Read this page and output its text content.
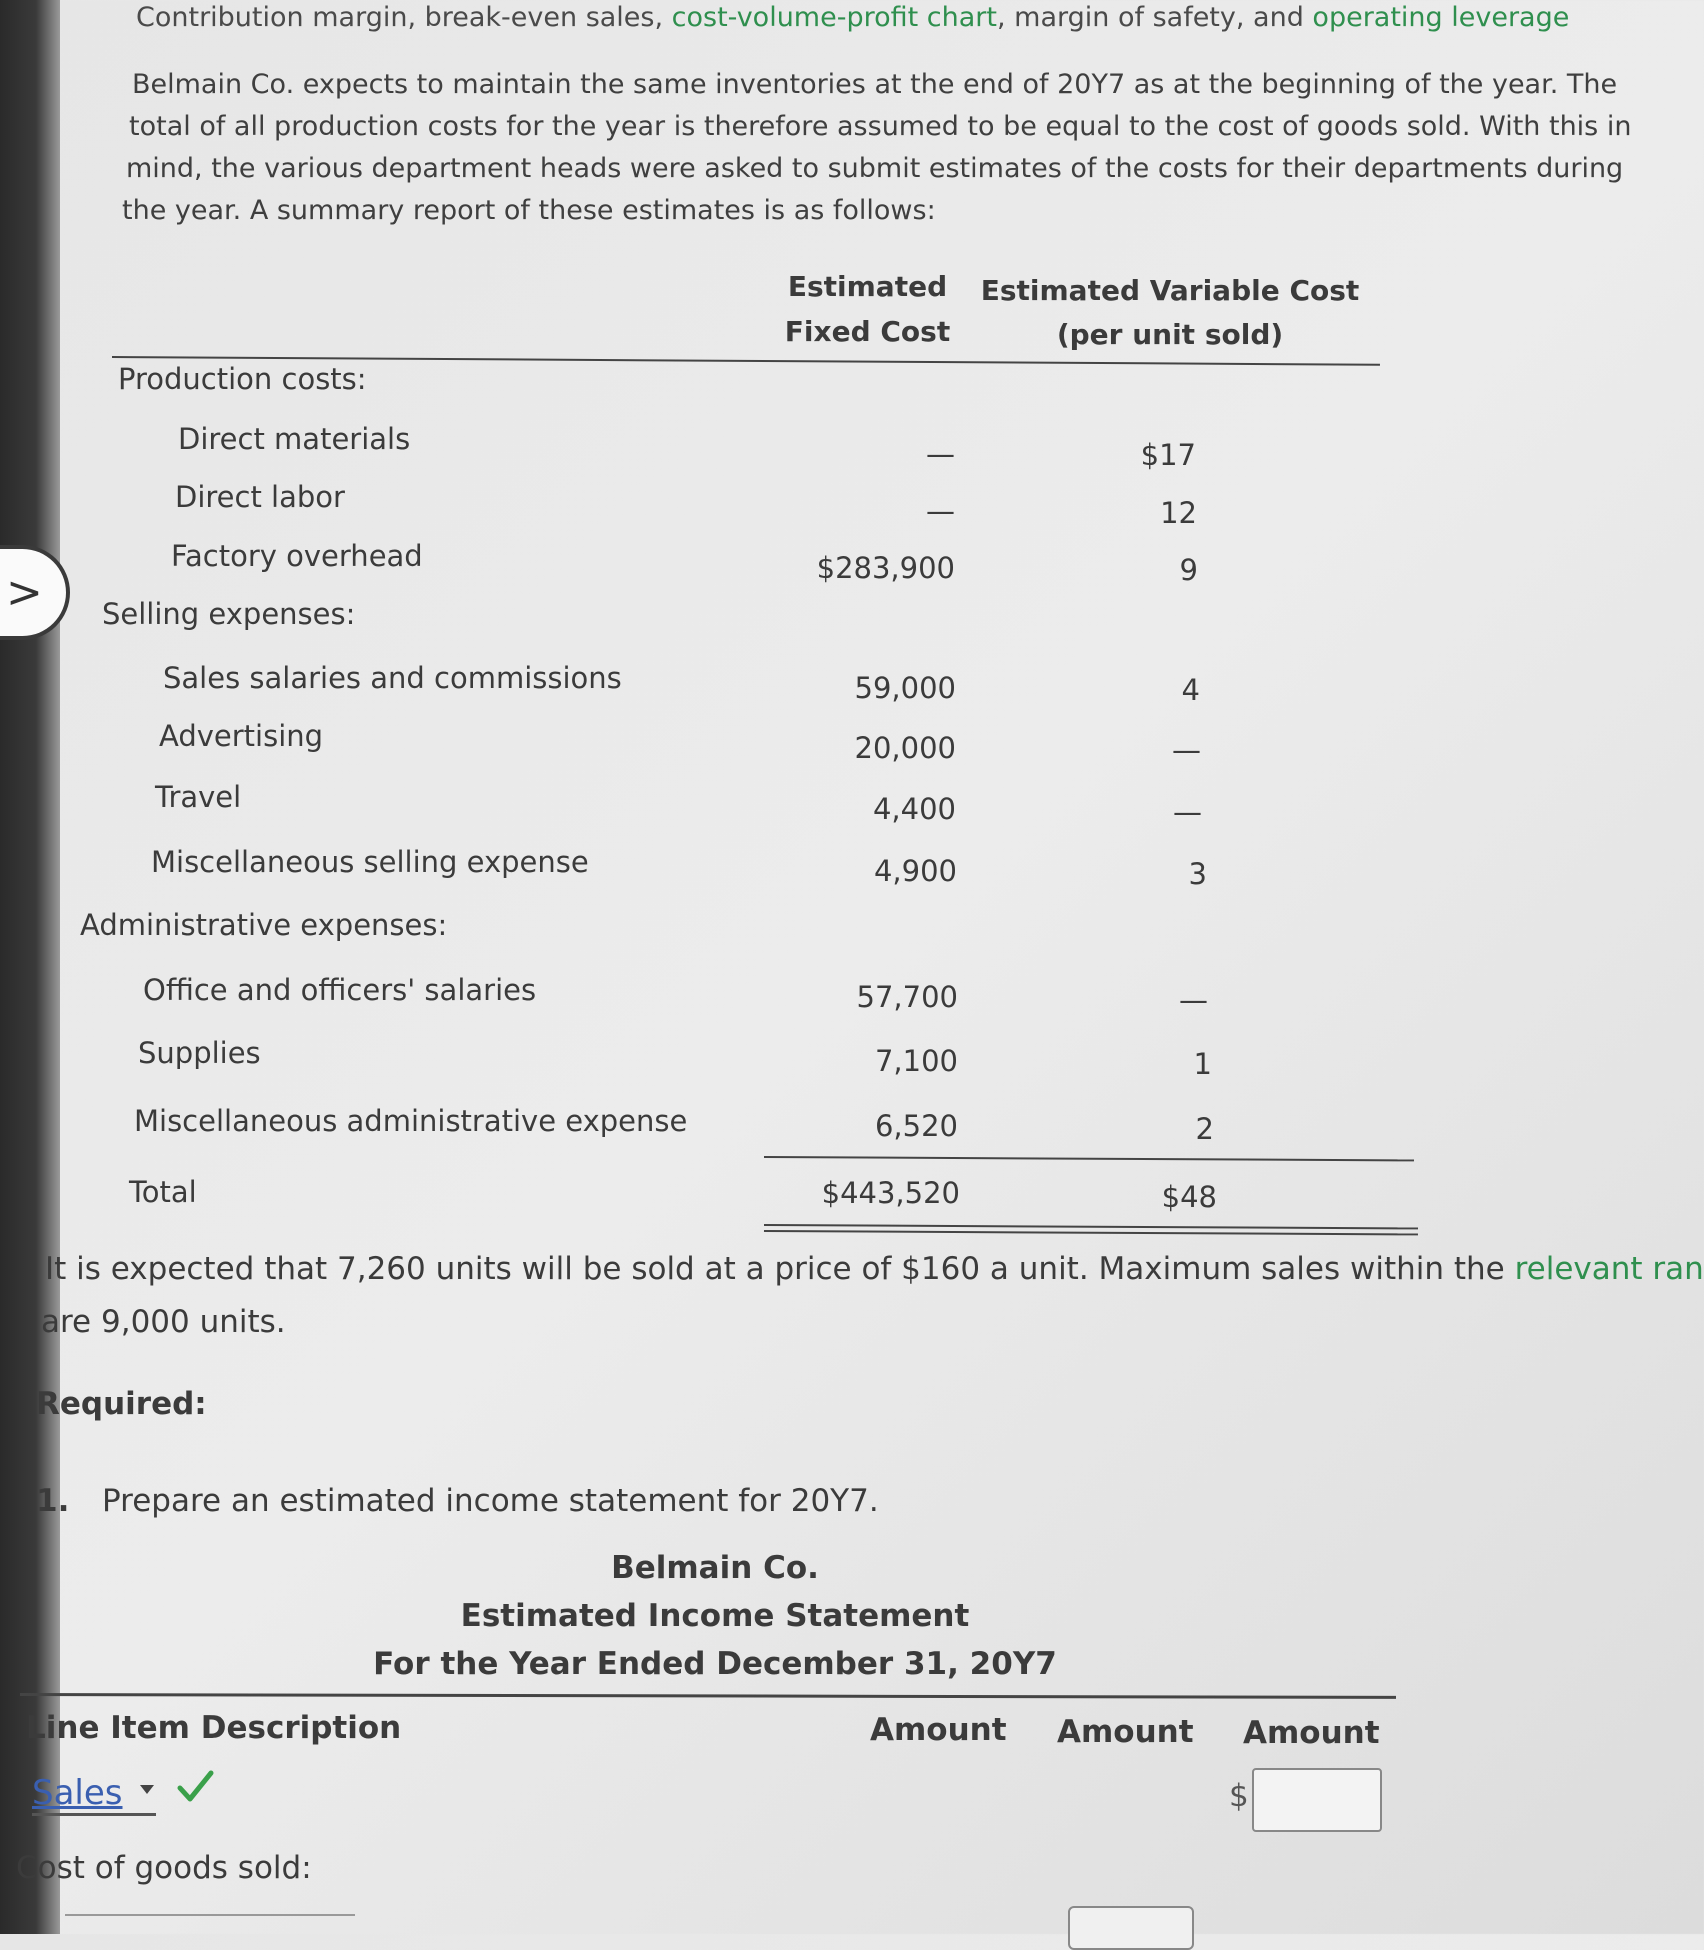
>
Contribution margin, break-even sales, cost-volume-profit chart, margin of safety, and operating leverage
Belmain Co. expects to maintain the same inventories at the end of 20Y7 as at the beginning of the year. The
total of all production costs for the year is therefore assumed to be equal to the cost of goods sold. With this in
mind, the various department heads were asked to submit estimates of the costs for their departments during
the year. A summary report of these estimates is as follows:
Estimated
Fixed Cost
Estimated Variable Cost
(per unit sold)
Production costs:
Selling expenses:
Administrative expenses:
Direct materials	—	$17
Direct labor	—	12
Factory overhead	$283,900	9
Sales salaries and commissions	59,000	4
Advertising	20,000	—
Travel	4,400	—
Miscellaneous selling expense	4,900	3
Office and officers' salaries	57,700	—
Supplies	7,100	1
Miscellaneous administrative expense	6,520	2
Total	$443,520	$48
It is expected that 7,260 units will be sold at a price of $160 a unit. Maximum sales within the relevant ran
are 9,000 units.
Required:
1. Prepare an estimated income statement for 20Y7.
Belmain Co.
Estimated Income Statement
For the Year Ended December 31, 20Y7
Line Item Description	Amount Amount Amount
Sales	$
Cost of goods sold:
